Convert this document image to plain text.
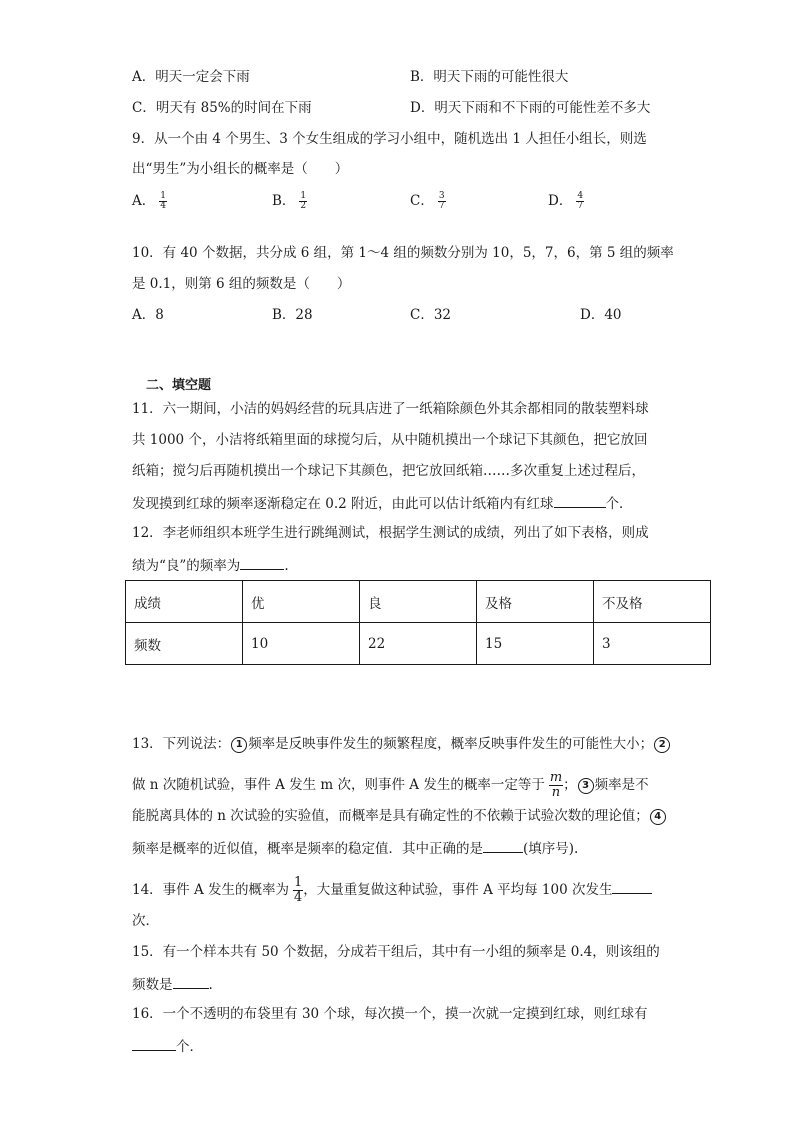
A．明天一定会下雨	B．明天下雨的可能性很大
C．明天有 85%的时间在下雨	D．明天下雨和不下雨的可能性差不多大
9．从一个由 4 个男生、3 个女生组成的学习小组中，随机选出 1 人担任小组长，则选
出“男生”为小组长的概率是（　　）
A． $\frac{1}{4}$	B． $\frac{1}{2}$	C． $\frac{3}{7}$	D． $\frac{4}{7}$
10．有 40 个数据，共分成 6 组，第 1～4 组的频数分别为 10，5，7，6，第 5 组的频率
是 0.1，则第 6 组的频数是（　　）
A．8	B．28	C．32	D．40
二、填空题
11．六一期间，小洁的妈妈经营的玩具店进了一纸箱除颜色外其余都相同的散装塑料球
共 1000 个，小洁将纸箱里面的球搅匀后，从中随机摸出一个球记下其颜色，把它放回
纸箱；搅匀后再随机摸出一个球记下其颜色，把它放回纸箱……多次重复上述过程后，
发现摸到红球的频率逐渐稳定在 0.2 附近，由此可以估计纸箱内有红球	个．
12．李老师组织本班学生进行跳绳测试，根据学生测试的成绩，列出了如下表格，则成
绩为“良”的频率为	.
成绩	优	良	及格	不及格
频数	10	22	15	3
13．下列说法： 1 频率是反映事件发生的频繁程度，概率反映事件发生的可能性大小； 2
做 n 次随机试验，事件 A 发生 m 次，则事件 A 发生的概率一定等于 $\frac{m}{n}$ ； 3 频率是不
能脱离具体的 n 次试验的实验值，而概率是具有确定性的不依赖于试验次数的理论值； 4
频率是概率的近似值，概率是频率的稳定值．其中正确的是	(填序号).
14．事件 A 发生的概率为 $\frac{1}{4}$ ，大量重复做这种试验，事件 A 平均每 100 次发生
次．
15．有一个样本共有 50 个数据，分成若干组后，其中有一小组的频率是 0.4，则该组的
频数是	.
16．一个不透明的布袋里有 30 个球，每次摸一个，摸一次就一定摸到红球，则红球有
个．
